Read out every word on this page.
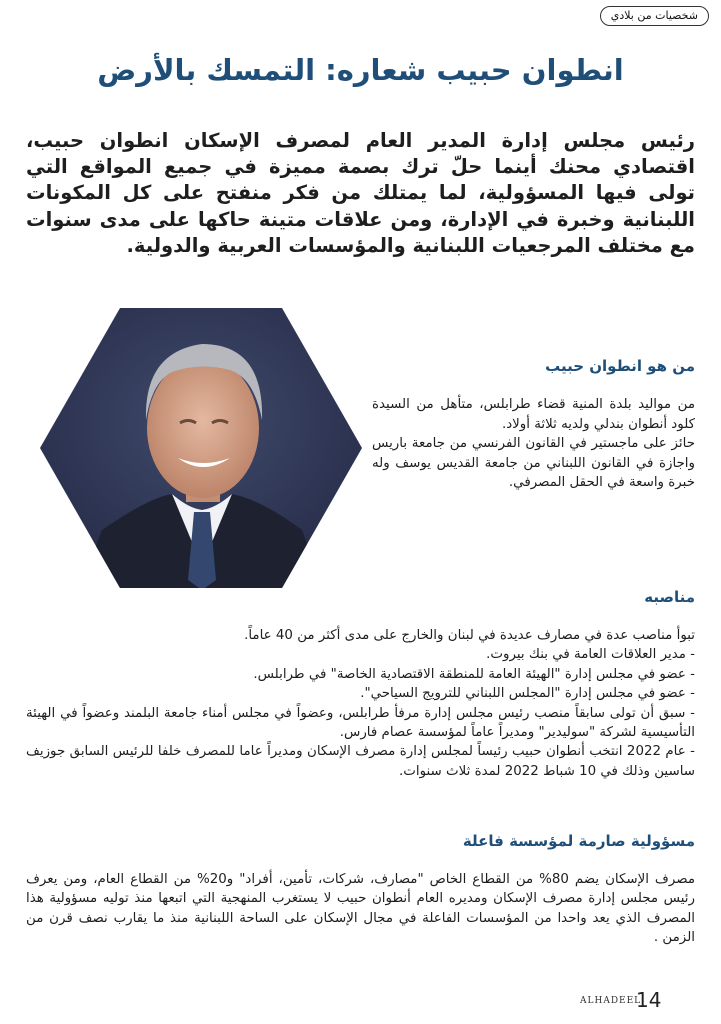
شخصيات من بلادي
انطوان حبيب شعاره: التمسك بالأرض
رئيس مجلس إدارة المدير العام لمصرف الإسكان انطوان حبيب، اقتصادي محنك أينما حلّ ترك بصمة مميزة في جميع المواقع التي تولى فيها المسؤولية، لما يمتلك من فكر منفتح على كل المكونات اللبنانية وخبرة في الإدارة، ومن علاقات متينة حاكها على مدى سنوات مع مختلف المرجعيات اللبنانية والمؤسسات العربية والدولية.
من هو انطوان حبيب

من مواليد بلدة المنية قضاء طرابلس، متأهل من السيدة كلود أنطوان بندلي ولديه ثلاثة أولاد.

حائز على ماجستير في القانون الفرنسي من جامعة باريس واجازة في القانون اللبناني من جامعة القديس يوسف وله خبرة واسعة في الحقل المصرفي.

مناصبه

تبوأ مناصب عدة في مصارف عديدة في لبنان والخارج على مدى أكثر من 40 عاماً.

- مدير العلاقات العامة في بنك بيروت.

- عضو في مجلس إدارة "الهيئة العامة للمنطقة الاقتصادية الخاصة" في طرابلس.

- عضو في مجلس إدارة "المجلس اللبناني للترويج السياحي".

- سبق أن تولى سابقاً منصب رئيس مجلس إدارة مرفأ طرابلس، وعضواً في مجلس أمناء جامعة البلمند وعضواً في الهيئة التأسيسية لشركة "سوليدير" ومديراً عاماً لمؤسسة عصام فارس.

- عام 2022 انتخب أنطوان حبيب رئيساً لمجلس إدارة مصرف الإسكان ومديراً عاما للمصرف خلفا للرئيس السابق جوزيف ساسين وذلك في 10 شباط 2022 لمدة ثلاث سنوات.

مسؤولية صارمة لمؤسسة فاعلة
مصرف الإسكان يضم 80% من القطاع الخاص "مصارف، شركات، تأمين، أفراد" و20% من القطاع العام، ومن يعرف رئيس مجلس إدارة مصرف الإسكان ومديره العام أنطوان حبيب لا يستغرب المنهجية التي اتبعها منذ توليه مسؤولية هذا المصرف الذي يعد واحدا من المؤسسات الفاعلة في مجال الإسكان على الساحة اللبنانية منذ ما يقارب نصف قرن من الزمن .
ALHADEEL
14
